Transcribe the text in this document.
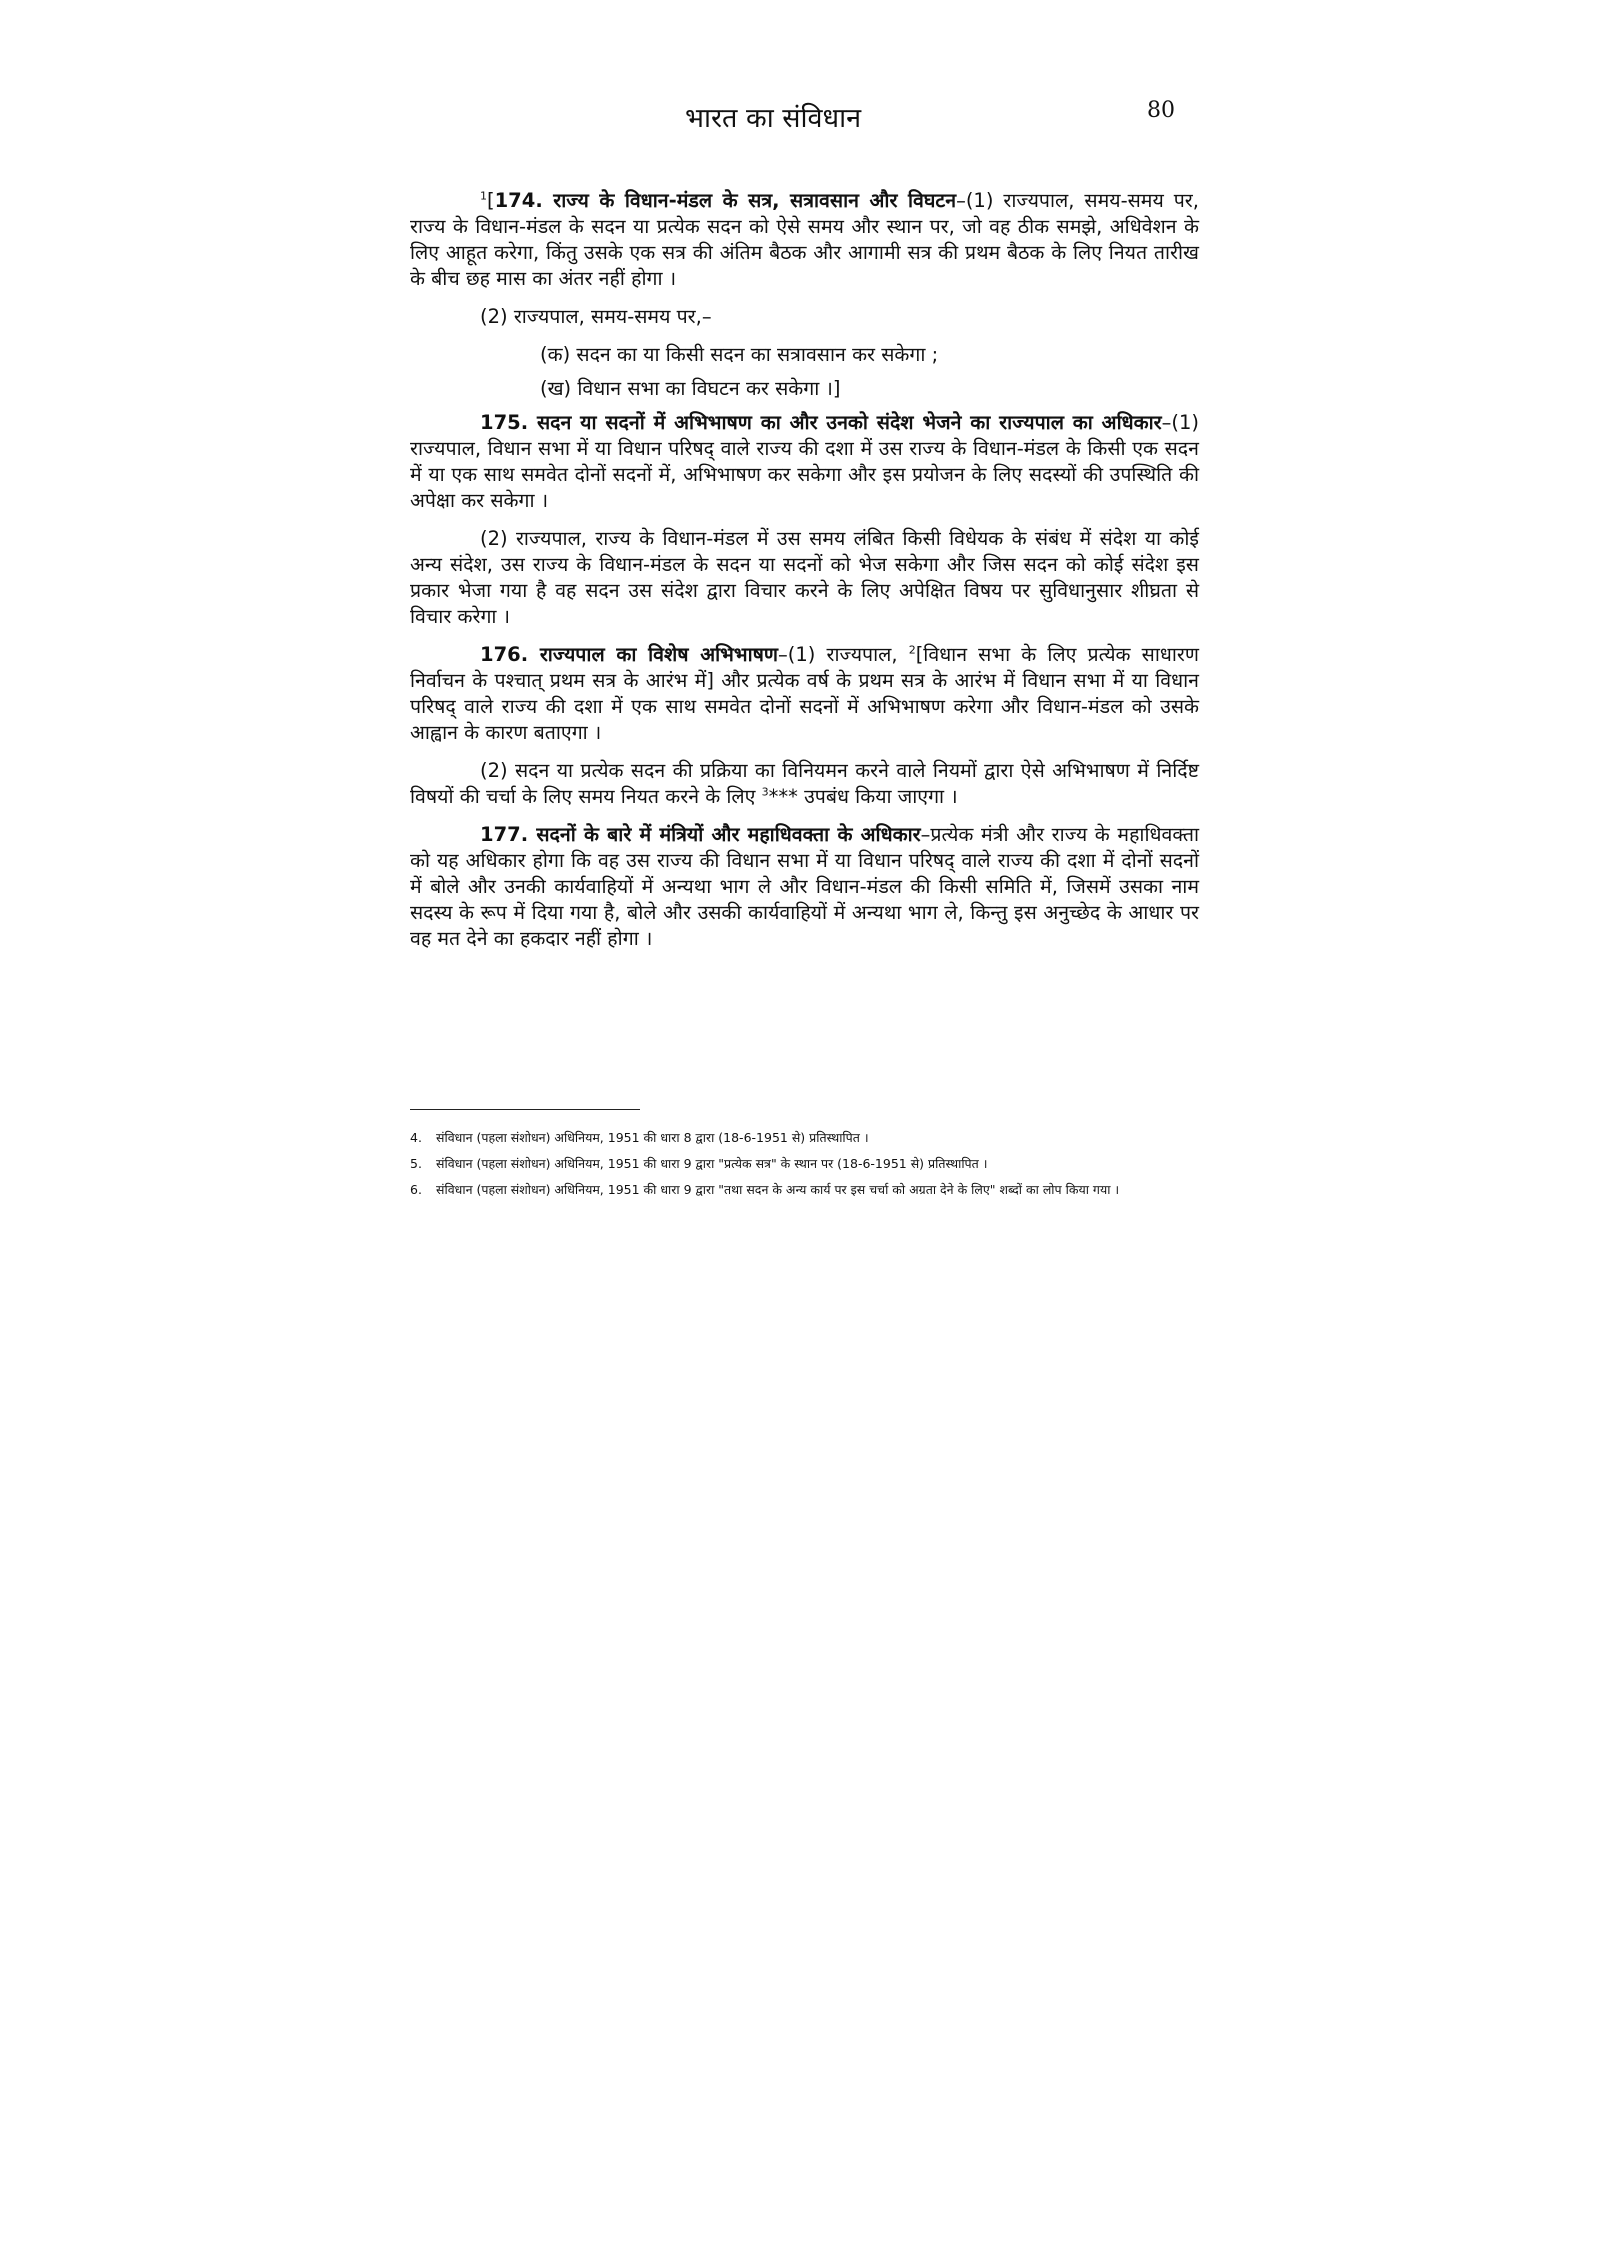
भारत का संविधान	80

$^1$[174. राज्य के विधान-मंडल के सत्र, सत्रावसान और विघटन–(1) राज्यपाल, समय-समय पर, राज्य के विधान-मंडल के सदन या प्रत्येक सदन को ऐसे समय और स्थान पर, जो वह ठीक समझे, अधिवेशन के लिए आहूत करेगा, किंतु उसके एक सत्र की अंतिम बैठक और आगामी सत्र की प्रथम बैठक के लिए नियत तारीख के बीच छह मास का अंतर नहीं होगा ।

(2) राज्यपाल, समय-समय पर,–

(क) सदन का या किसी सदन का सत्रावसान कर सकेगा ;

(ख) विधान सभा का विघटन कर सकेगा ।]

175. सदन या सदनों में अभिभाषण का और उनको संदेश भेजने का राज्यपाल का अधिकार–(1) राज्यपाल, विधान सभा में या विधान परिषद् वाले राज्य की दशा में उस राज्य के विधान-मंडल के किसी एक सदन में या एक साथ समवेत दोनों सदनों में, अभिभाषण कर सकेगा और इस प्रयोजन के लिए सदस्यों की उपस्थिति की अपेक्षा कर सकेगा ।

(2) राज्यपाल, राज्य के विधान-मंडल में उस समय लंबित किसी विधेयक के संबंध में संदेश या कोई अन्य संदेश, उस राज्य के विधान-मंडल के सदन या सदनों को भेज सकेगा और जिस सदन को कोई संदेश इस प्रकार भेजा गया है वह सदन उस संदेश द्वारा विचार करने के लिए अपेक्षित विषय पर सुविधानुसार शीघ्रता से विचार करेगा ।

176. राज्यपाल का विशेष अभिभाषण–(1) राज्यपाल, $^2$[विधान सभा के लिए प्रत्येक साधारण निर्वाचन के पश्चात् प्रथम सत्र के आरंभ में] और प्रत्येक वर्ष के प्रथम सत्र के आरंभ में विधान सभा में या विधान परिषद् वाले राज्य की दशा में एक साथ समवेत दोनों सदनों में अभिभाषण करेगा और विधान-मंडल को उसके आह्वान के कारण बताएगा ।

(2) सदन या प्रत्येक सदन की प्रक्रिया का विनियमन करने वाले नियमों द्वारा ऐसे अभिभाषण में निर्दिष्ट विषयों की चर्चा के लिए समय नियत करने के लिए $^3$*** उपबंध किया जाएगा ।

177. सदनों के बारे में मंत्रियों और महाधिवक्ता के अधिकार–प्रत्येक मंत्री और राज्य के महाधिवक्ता को यह अधिकार होगा कि वह उस राज्य की विधान सभा में या विधान परिषद् वाले राज्य की दशा में दोनों सदनों में बोले और उनकी कार्यवाहियों में अन्यथा भाग ले और विधान-मंडल की किसी समिति में, जिसमें उसका नाम सदस्य के रूप में दिया गया है, बोले और उसकी कार्यवाहियों में अन्यथा भाग ले, किन्तु इस अनुच्छेद के आधार पर वह मत देने का हकदार नहीं होगा ।

4. संविधान (पहला संशोधन) अधिनियम, 1951 की धारा 8 द्वारा (18-6-1951 से) प्रतिस्थापित ।
5. संविधान (पहला संशोधन) अधिनियम, 1951 की धारा 9 द्वारा "प्रत्येक सत्र" के स्थान पर (18-6-1951 से) प्रतिस्थापित ।
6. संविधान (पहला संशोधन) अधिनियम, 1951 की धारा 9 द्वारा "तथा सदन के अन्य कार्य पर इस चर्चा को अग्रता देने के लिए" शब्दों का लोप किया गया ।
